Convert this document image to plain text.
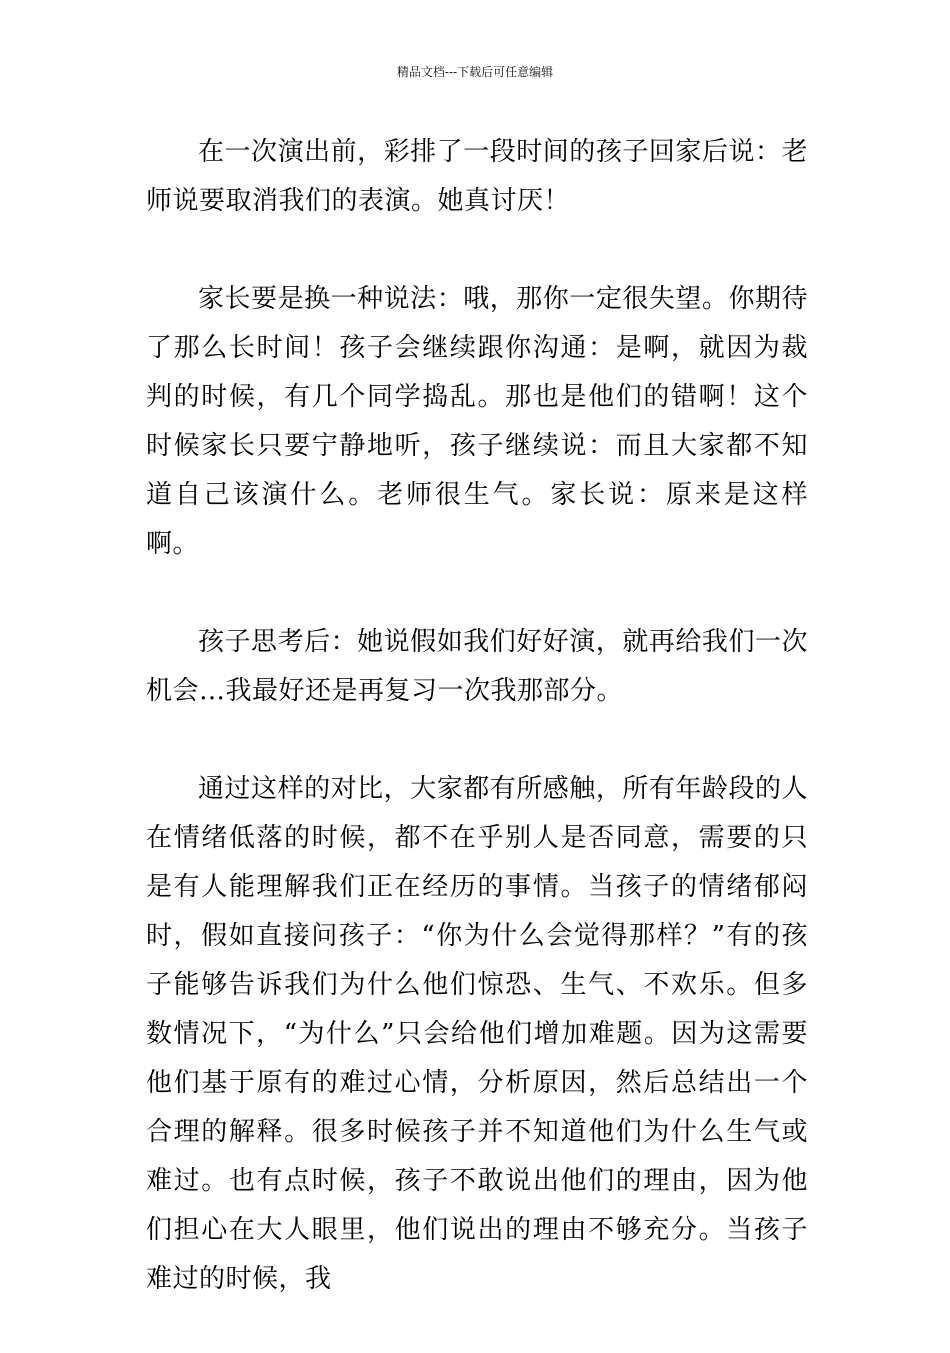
精品文档---下载后可任意编辑

在一次演出前，彩排了一段时间的孩子回家后说：老师说要取消我们的表演。她真讨厌！

家长要是换一种说法：哦，那你一定很失望。你期待了那么长时间！孩子会继续跟你沟通：是啊，就因为裁判的时候，有几个同学捣乱。那也是他们的错啊！这个时候家长只要宁静地听，孩子继续说：而且大家都不知道自己该演什么。老师很生气。家长说：原来是这样啊。

孩子思考后：她说假如我们好好演，就再给我们一次机会…我最好还是再复习一次我那部分。

通过这样的对比，大家都有所感触，所有年龄段的人在情绪低落的时候，都不在乎别人是否同意，需要的只是有人能理解我们正在经历的事情。当孩子的情绪郁闷时，假如直接问孩子：“你为什么会觉得那样？”有的孩子能够告诉我们为什么他们惊恐、生气、不欢乐。但多数情况下，“为什么”只会给他们增加难题。因为这需要他们基于原有的难过心情，分析原因，然后总结出一个合理的解释。很多时候孩子并不知道他们为什么生气或难过。也有点时候，孩子不敢说出他们的理由，因为他们担心在大人眼里，他们说出的理由不够充分。当孩子难过的时候，我
